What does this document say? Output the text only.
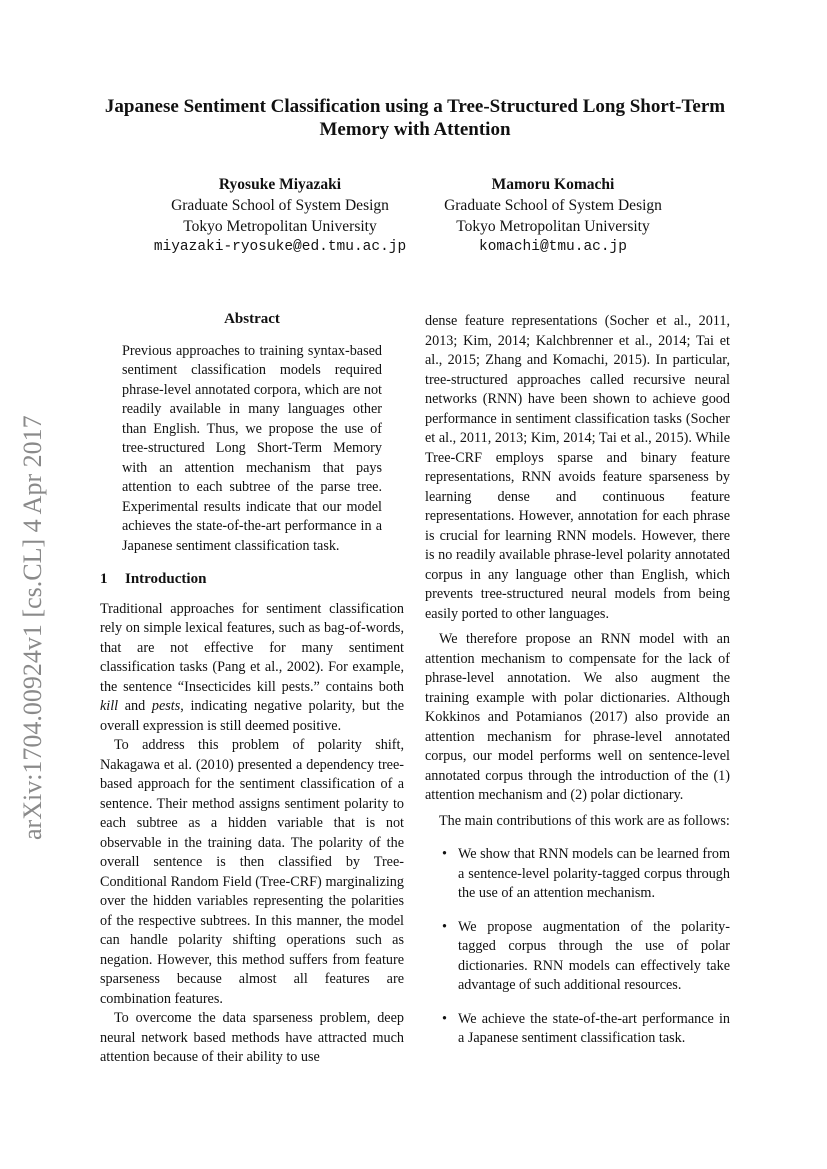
arXiv:1704.00924v1 [cs.CL] 4 Apr 2017
Japanese Sentiment Classification using a Tree-Structured Long Short-Term Memory with Attention
Ryosuke Miyazaki
Graduate School of System Design
Tokyo Metropolitan University
miyazaki-ryosuke@ed.tmu.ac.jp
Mamoru Komachi
Graduate School of System Design
Tokyo Metropolitan University
komachi@tmu.ac.jp
Abstract

Previous approaches to training syntax-based sentiment classification models required phrase-level annotated corpora, which are not readily available in many languages other than English. Thus, we propose the use of tree-structured Long Short-Term Memory with an attention mechanism that pays attention to each subtree of the parse tree. Experimental results indicate that our model achieves the state-of-the-art performance in a Japanese sentiment classification task.

1 Introduction

Traditional approaches for sentiment classification rely on simple lexical features, such as bag-of-words, that are not effective for many sentiment classification tasks (Pang et al., 2002). For example, the sentence “Insecticides kill pests.” contains both kill and pests, indicating negative polarity, but the overall expression is still deemed positive.

To address this problem of polarity shift, Nakagawa et al. (2010) presented a dependency tree-based approach for the sentiment classification of a sentence. Their method assigns sentiment polarity to each subtree as a hidden variable that is not observable in the training data. The polarity of the overall sentence is then classified by Tree-Conditional Random Field (Tree-CRF) marginalizing over the hidden variables representing the polarities of the respective subtrees. In this manner, the model can handle polarity shifting operations such as negation. However, this method suffers from feature sparseness because almost all features are combination features.

To overcome the data sparseness problem, deep neural network based methods have attracted much attention because of their ability to use

dense feature representations (Socher et al., 2011, 2013; Kim, 2014; Kalchbrenner et al., 2014; Tai et al., 2015; Zhang and Komachi, 2015). In particular, tree-structured approaches called recursive neural networks (RNN) have been shown to achieve good performance in sentiment classification tasks (Socher et al., 2011, 2013; Kim, 2014; Tai et al., 2015). While Tree-CRF employs sparse and binary feature representations, RNN avoids feature sparseness by learning dense and continuous feature representations. However, annotation for each phrase is crucial for learning RNN models. However, there is no readily available phrase-level polarity annotated corpus in any language other than English, which prevents tree-structured neural models from being easily ported to other languages.

We therefore propose an RNN model with an attention mechanism to compensate for the lack of phrase-level annotation. We also augment the training example with polar dictionaries. Although Kokkinos and Potamianos (2017) also provide an attention mechanism for phrase-level annotated corpus, our model performs well on sentence-level annotated corpus through the introduction of the (1) attention mechanism and (2) polar dictionary.

The main contributions of this work are as follows:

• We show that RNN models can be learned from a sentence-level polarity-tagged corpus through the use of an attention mechanism.
• We propose augmentation of the polarity-tagged corpus through the use of polar dictionaries. RNN models can effectively take advantage of such additional resources.
• We achieve the state-of-the-art performance in a Japanese sentiment classification task.
